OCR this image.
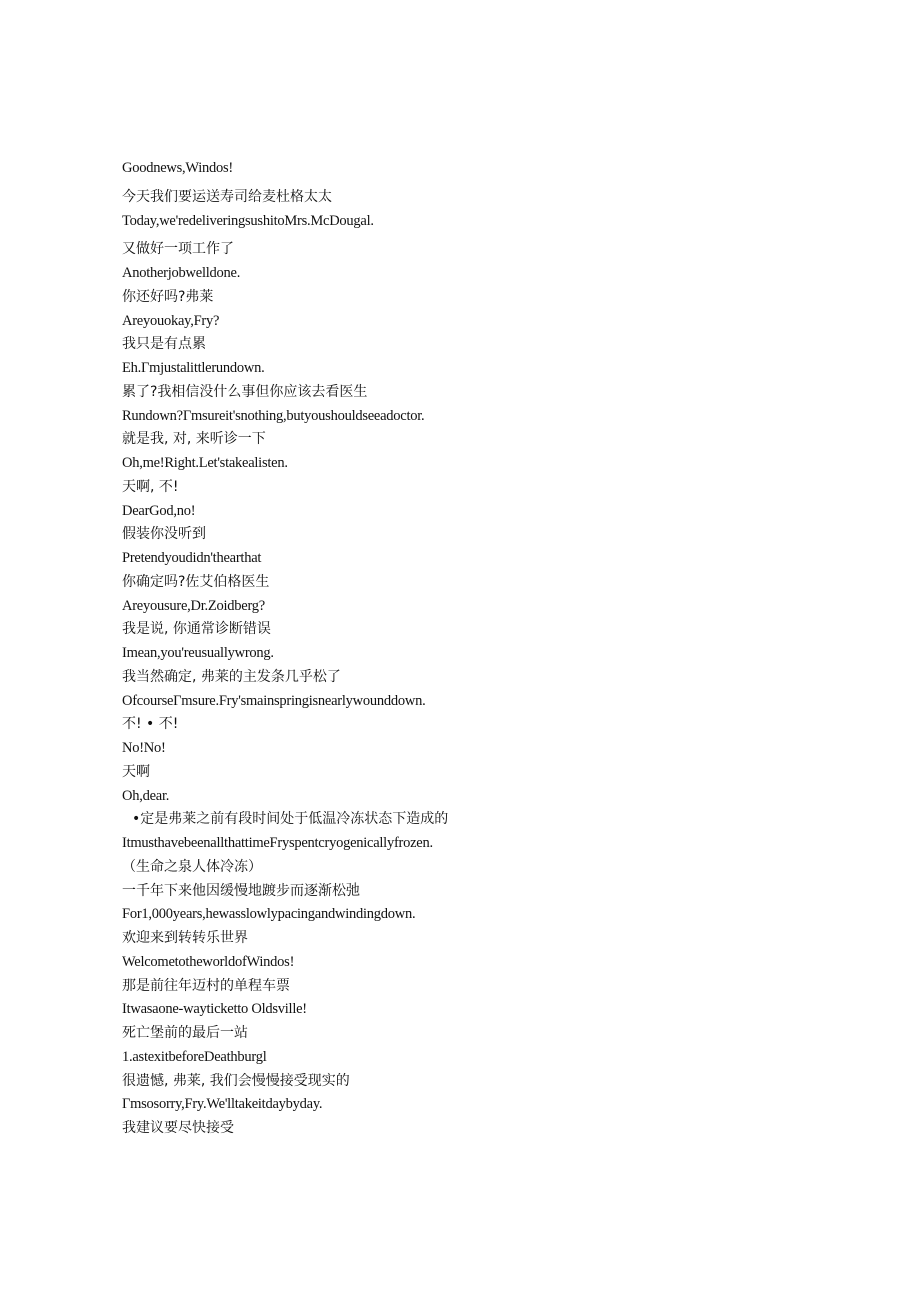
Goodnews,Windos!
今天我们要运送寿司给麦杜格太太
Today,we'redeliveringsushitoMrs.McDougal.
又做好一项工作了
Anotherjobwelldone.
你还好吗?弗莱
Areyouokay,Fry?
我只是有点累
Eh.Γmjustalittlerundown.
累了?我相信没什么事但你应该去看医生
Rundown?Γmsureit'snothing,butyoushouldseeadoctor.
就是我, 对, 来听诊一下
Oh,me!Right.Let'stakealisten.
天啊, 不!
DearGod,no!
假装你没听到
Pretendyoudidn'thearthat
你确定吗?佐艾伯格医生
Areyousure,Dr.Zoidberg?
我是说, 你通常诊断错误
Imean,you'reusuallywrong.
我当然确定, 弗莱的主发条几乎松了
OfcourseΓmsure.Fry'smainspringisnearlywounddown.
不! • 不!
No!No!
天啊
Oh,dear.
•定是弗莱之前有段时间处于低温冷冻状态下造成的
ItmusthavebeenallthattimeFryspentcryogenicallyfrozen.
（生命之泉人体冷冻）
一千年下来他因缓慢地踱步而逐渐松弛
For1,000years,hewasslowlypacingandwindingdown.
欢迎来到转转乐世界
WelcometotheworldofWindos!
那是前往年迈村的单程车票
Itwasaone-wayticketto Oldsville!
死亡堡前的最后一站
1.astexitbeforeDeathburgl
很遗憾, 弗莱, 我们会慢慢接受现实的
Γmsosorry,Fry.We'lltakeitdaybyday.
我建议要尽快接受
